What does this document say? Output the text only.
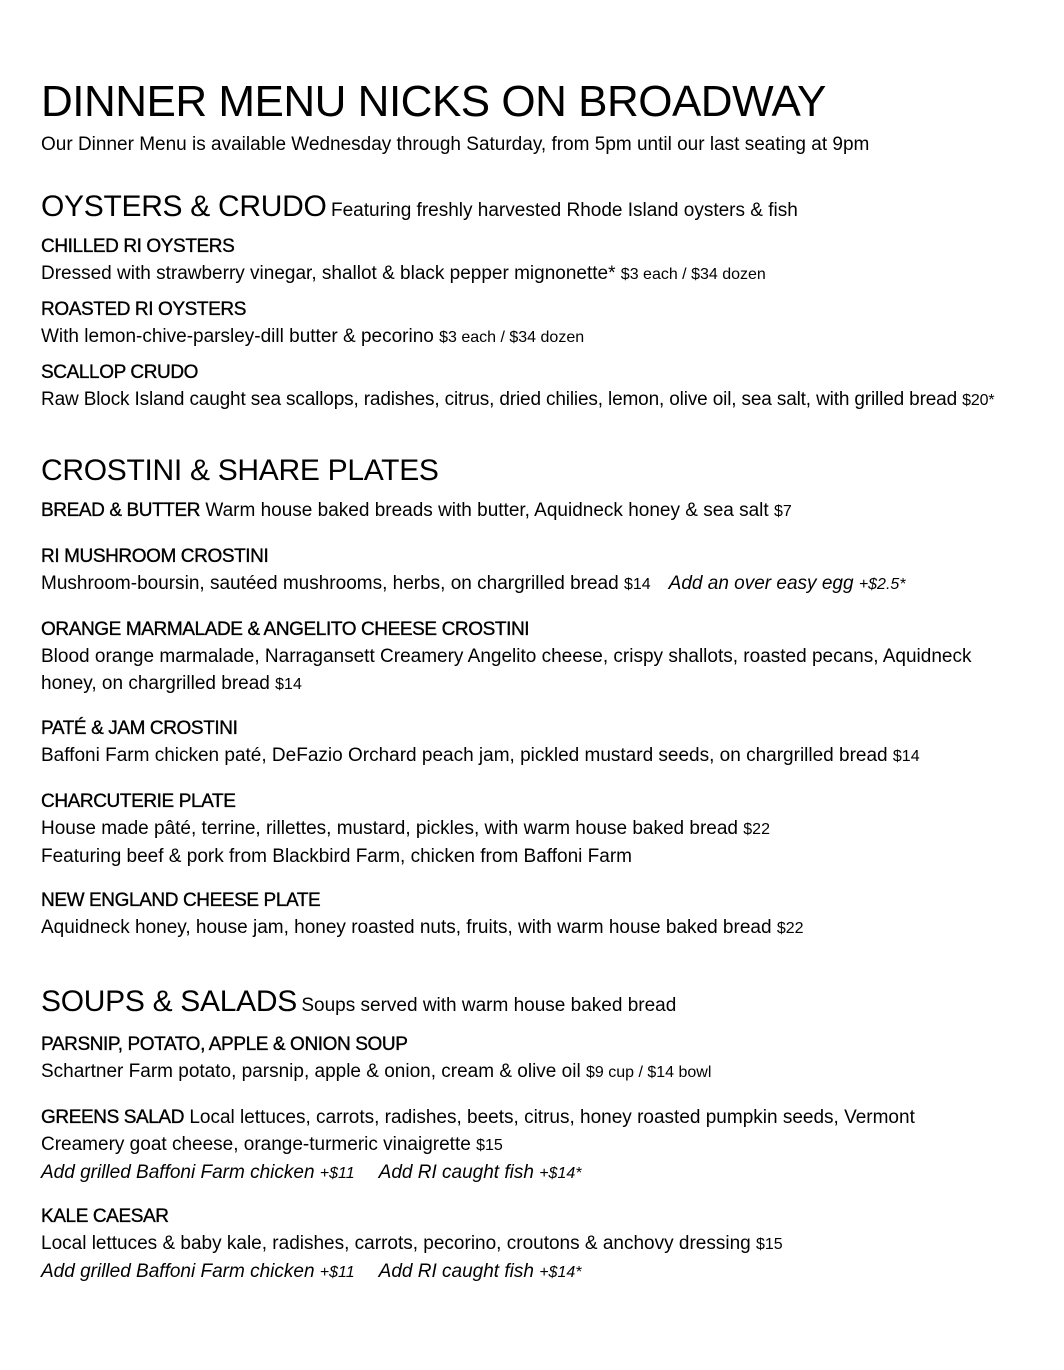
DINNER MENU NICKS ON BROADWAY
Our Dinner Menu is available Wednesday through Saturday, from 5pm until our last seating at 9pm
OYSTERS & CRUDO Featuring freshly harvested Rhode Island oysters & fish
CHILLED RI OYSTERS
Dressed with strawberry vinegar, shallot & black pepper mignonette* $3 each / $34 dozen
ROASTED RI OYSTERS
With lemon-chive-parsley-dill butter & pecorino $3 each / $34 dozen
SCALLOP CRUDO
Raw Block Island caught sea scallops, radishes, citrus, dried chilies, lemon, olive oil, sea salt, with grilled bread $20*
CROSTINI & SHARE PLATES
BREAD & BUTTER Warm house baked breads with butter, Aquidneck honey & sea salt $7
RI MUSHROOM CROSTINI
Mushroom-boursin, sautéed mushrooms, herbs, on chargrilled bread $14 Add an over easy egg +$2.5*
ORANGE MARMALADE & ANGELITO CHEESE CROSTINI
Blood orange marmalade, Narragansett Creamery Angelito cheese, crispy shallots, roasted pecans, Aquidneck honey, on chargrilled bread $14
PATÉ & JAM CROSTINI
Baffoni Farm chicken paté, DeFazio Orchard peach jam, pickled mustard seeds, on chargrilled bread $14
CHARCUTERIE PLATE
House made pâté, terrine, rillettes, mustard, pickles, with warm house baked bread $22
Featuring beef & pork from Blackbird Farm, chicken from Baffoni Farm
NEW ENGLAND CHEESE PLATE
Aquidneck honey, house jam, honey roasted nuts, fruits, with warm house baked bread $22
SOUPS & SALADS Soups served with warm house baked bread
PARSNIP, POTATO, APPLE & ONION SOUP
Schartner Farm potato, parsnip, apple & onion, cream & olive oil $9 cup / $14 bowl
GREENS SALAD Local lettuces, carrots, radishes, beets, citrus, honey roasted pumpkin seeds, Vermont Creamery goat cheese, orange-turmeric vinaigrette $15
Add grilled Baffoni Farm chicken +$11 Add RI caught fish +$14*
KALE CAESAR
Local lettuces & baby kale, radishes, carrots, pecorino, croutons & anchovy dressing $15
Add grilled Baffoni Farm chicken +$11 Add RI caught fish +$14*
